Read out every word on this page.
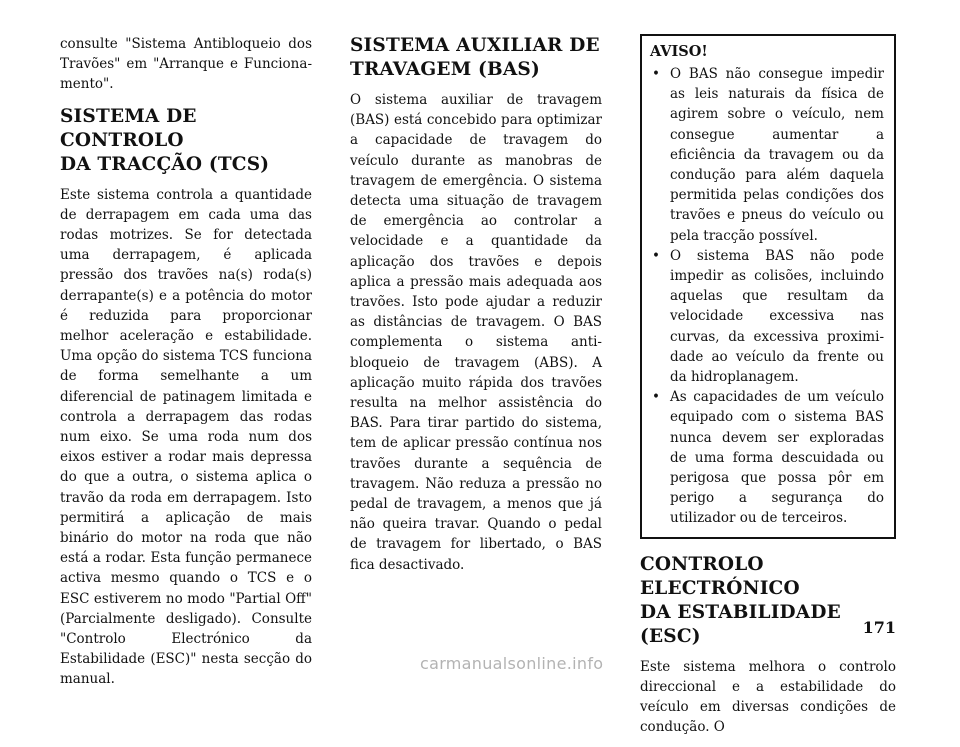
consulte "Sistema Antibloqueio dos Travões" em "Arranque e Funcionamento".

SISTEMA DE CONTROLO
DA TRACÇÃO (TCS)

Este sistema controla a quantidade de derrapagem em cada uma das rodas motrizes. Se for detectada uma derrapagem, é aplicada pressão dos travões na(s) roda(s) derrapante(s) e a potência do motor é reduzida para proporcionar melhor aceleração e estabilidade. Uma opção do sistema TCS funciona de forma semelhante a um diferencial de patinagem limitada e controla a derrapagem das rodas num eixo. Se uma roda num dos eixos estiver a rodar mais depressa do que a outra, o sistema aplica o travão da roda em derrapagem. Isto permitirá a aplicação de mais binário do motor na roda que não está a rodar. Esta função permanece activa mesmo quando o TCS e o ESC estiverem no modo "Partial Off" (Parcialmente desligado). Consulte "Controlo Electrónico da Estabilidade (ESC)" nesta secção do manual.

SISTEMA AUXILIAR DE
TRAVAGEM (BAS)

O sistema auxiliar de travagem (BAS) está concebido para optimizar a capacidade de travagem do veículo durante as manobras de travagem de emergência. O sistema detecta uma situação de travagem de emergência ao controlar a velocidade e a quantidade da aplicação dos travões e depois aplica a pressão mais adequada aos travões. Isto pode ajudar a reduzir as distâncias de travagem. O BAS complementa o sistema anti-bloqueio de travagem (ABS). A aplicação muito rápida dos travões resulta na melhor assistência do BAS. Para tirar partido do sistema, tem de aplicar pressão contínua nos travões durante a sequência de travagem. Não reduza a pressão no pedal de travagem, a menos que já não queira travar. Quando o pedal de travagem for libertado, o BAS fica desactivado.

AVISO!
• O BAS não consegue impedir as leis naturais da física de agirem sobre o veículo, nem consegue aumentar a eficiência da travagem ou da condução para além daquela permitida pelas condições dos travões e pneus do veículo ou pela tracção possível.
• O sistema BAS não pode impedir as colisões, incluindo aquelas que resultam da velocidade excessiva nas curvas, da excessiva proximidade ao veículo da frente ou da hidroplanagem.
• As capacidades de um veículo equipado com o sistema BAS nunca devem ser exploradas de uma forma descuidada ou perigosa que possa pôr em perigo a segurança do utilizador ou de terceiros.
CONTROLO ELECTRÓNICO
DA ESTABILIDADE (ESC)

Este sistema melhora o controlo direccional e a estabilidade do veículo em diversas condições de condução. O

171
carmanualsonline.info
